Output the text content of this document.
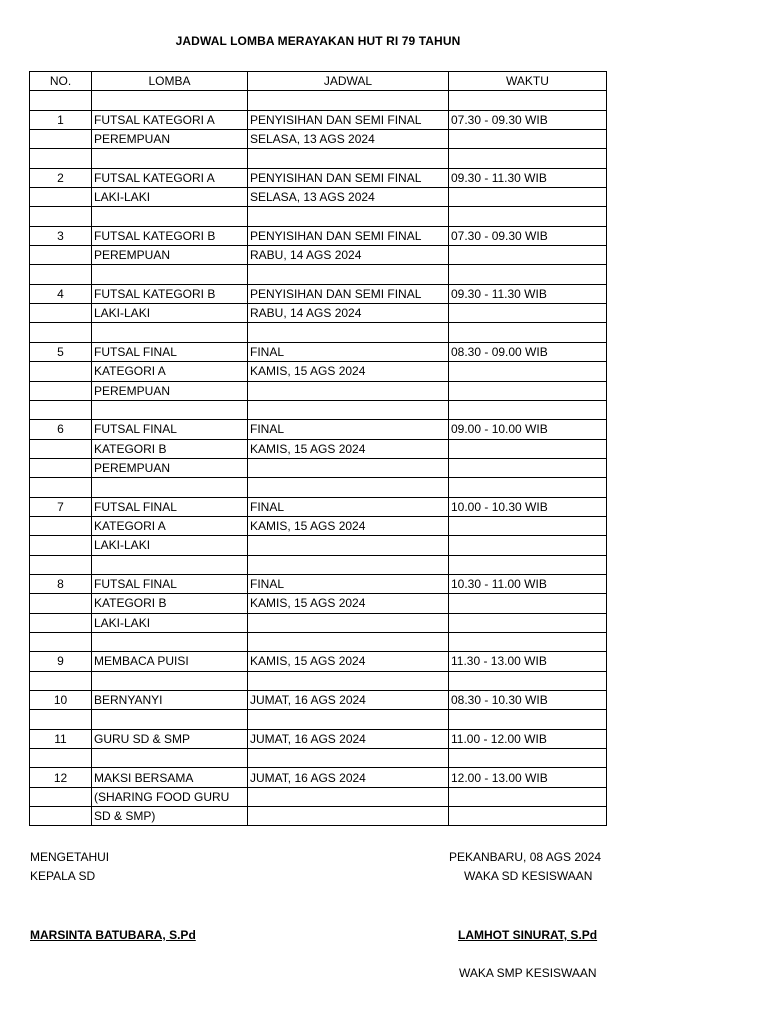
JADWAL LOMBA MERAYAKAN HUT RI 79 TAHUN
NO.	LOMBA	JADWAL	WAKTU

1	FUTSAL KATEGORI A	PENYISIHAN DAN SEMI FINAL	07.30 - 09.30 WIB
	PEREMPUAN	SELASA, 13 AGS 2024	

2	FUTSAL KATEGORI A	PENYISIHAN DAN SEMI FINAL	09.30 - 11.30 WIB
	LAKI-LAKI	SELASA, 13 AGS 2024	

3	FUTSAL KATEGORI B	PENYISIHAN DAN SEMI FINAL	07.30 - 09.30 WIB
	PEREMPUAN	RABU, 14 AGS 2024	

4	FUTSAL KATEGORI B	PENYISIHAN DAN SEMI FINAL	09.30 - 11.30 WIB
	LAKI-LAKI	RABU, 14 AGS 2024	

5	FUTSAL FINAL	FINAL	08.30 - 09.00 WIB
	KATEGORI A	KAMIS, 15 AGS 2024	
	PEREMPUAN		

6	FUTSAL FINAL	FINAL	09.00 - 10.00 WIB
	KATEGORI B	KAMIS, 15 AGS 2024	
	PEREMPUAN		

7	FUTSAL FINAL	FINAL	10.00 - 10.30 WIB
	KATEGORI A	KAMIS, 15 AGS 2024	
	LAKI-LAKI		

8	FUTSAL FINAL	FINAL	10.30 - 11.00 WIB
	KATEGORI B	KAMIS, 15 AGS 2024	
	LAKI-LAKI		

9	MEMBACA PUISI	KAMIS, 15 AGS 2024	11.30 - 13.00 WIB

10	BERNYANYI	JUMAT, 16 AGS 2024	08.30 - 10.30 WIB

11	GURU SD & SMP	JUMAT, 16 AGS 2024	11.00 - 12.00 WIB

12	MAKSI BERSAMA	JUMAT, 16 AGS 2024	12.00 - 13.00 WIB
	(SHARING FOOD GURU		
	SD & SMP)		
MENGETAHUI
KEPALA SD
MARSINTA BATUBARA, S.Pd
PEKANBARU, 08 AGS 2024
WAKA SD KESISWAAN
LAMHOT SINURAT, S.Pd
WAKA SMP KESISWAAN
